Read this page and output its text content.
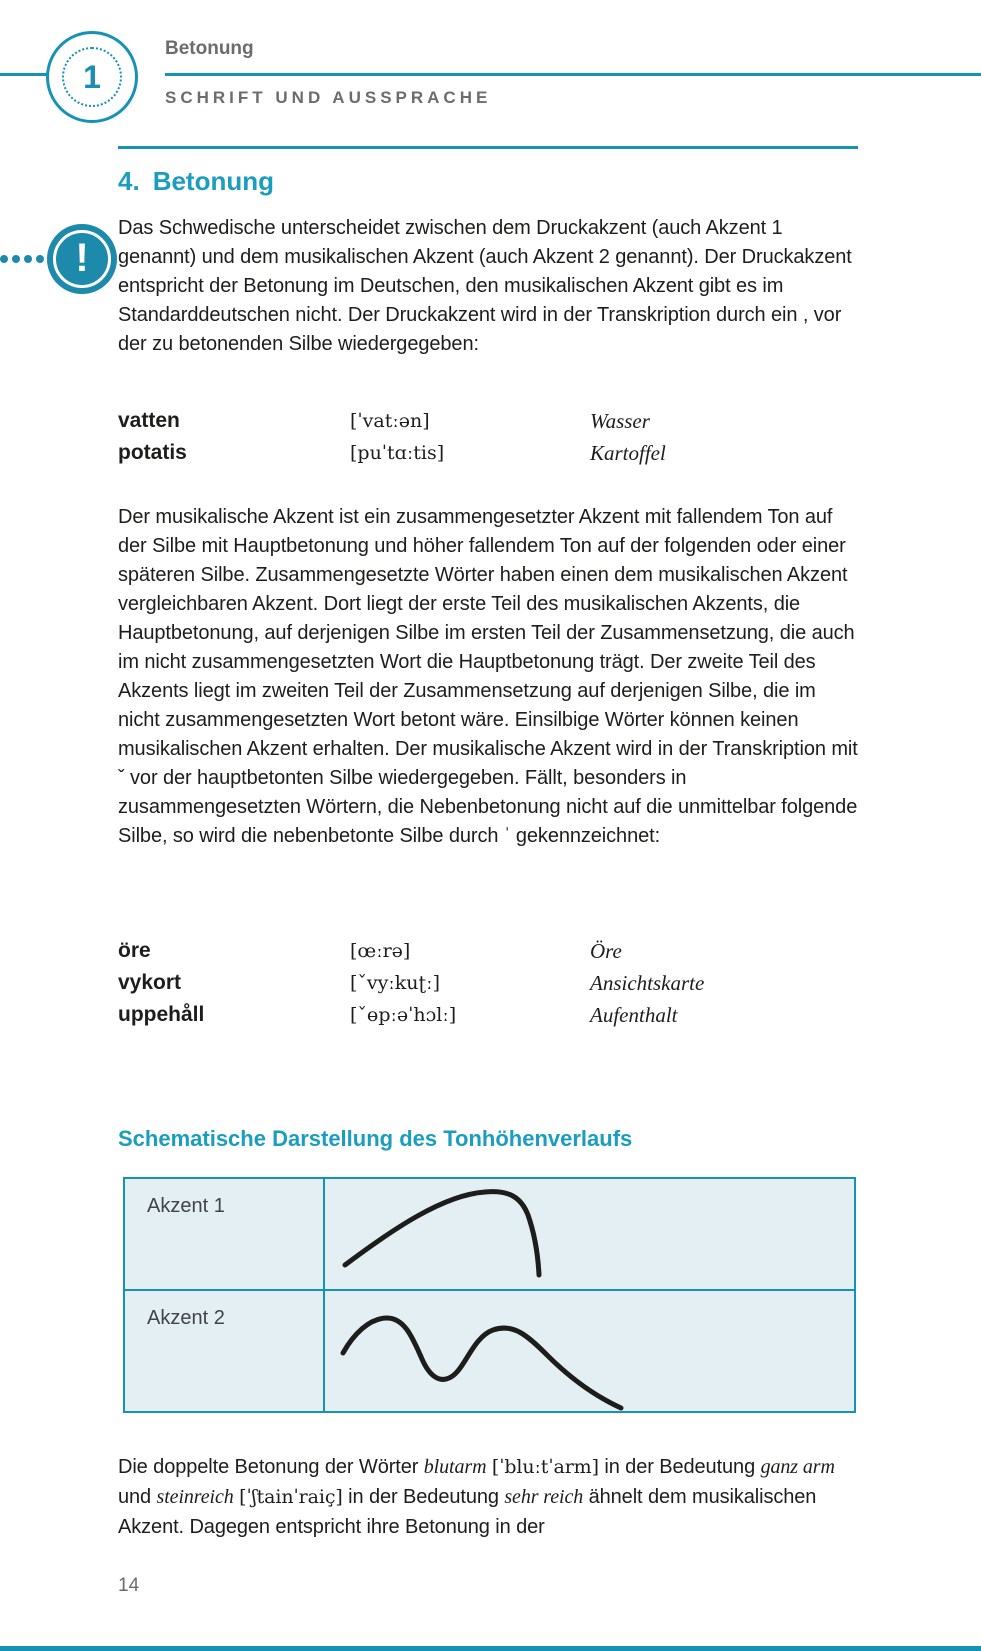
1
Betonung
SCHRIFT UND AUSSPRACHE
!
4. Betonung

Das Schwedische unterscheidet zwischen dem Druckakzent (auch Akzent 1 genannt) und dem musikalischen Akzent (auch Akzent 2 genannt). Der Druckakzent entspricht der Betonung im Deutschen, den musikalischen Akzent gibt es im Standarddeutschen nicht. Der Druckakzent wird in der Transkription durch ein , vor der zu betonenden Silbe wiedergegeben:

vatten	[ˈvatːən]	Wasser
potatis	[puˈtɑːtis]	Kartoffel

Der musikalische Akzent ist ein zusammengesetzter Akzent mit fallendem Ton auf der Silbe mit Hauptbetonung und höher fallendem Ton auf der folgenden oder einer späteren Silbe. Zusammengesetzte Wörter haben einen dem musikalischen Akzent vergleichbaren Akzent. Dort liegt der erste Teil des musikalischen Akzents, die Hauptbetonung, auf derjenigen Silbe im ersten Teil der Zusammensetzung, die auch im nicht zusammengesetzten Wort die Hauptbetonung trägt. Der zweite Teil des Akzents liegt im zweiten Teil der Zusammensetzung auf derjenigen Silbe, die im nicht zusammengesetzten Wort betont wäre. Einsilbige Wörter können keinen musikalischen Akzent erhalten. Der musikalische Akzent wird in der Transkription mit ˇ vor der hauptbetonten Silbe wiedergegeben. Fällt, besonders in zusammengesetzten Wörtern, die Nebenbetonung nicht auf die unmittelbar folgende Silbe, so wird die nebenbetonte Silbe durch ˈ gekennzeichnet:

öre	[œːrə]	Öre
vykort	[ˇvyːkuʈː]	Ansichtskarte
uppehåll	[ˇɵpːəˈhɔlː]	Aufenthalt
Schematische Darstellung des Tonhöhenverlaufs
Akzent 1
Akzent 2

Die doppelte Betonung der Wörter blutarm [ˈbluːtˈarm] in der Bedeutung ganz arm und steinreich [ˈʃtainˈraiç] in der Bedeutung sehr reich ähnelt dem musikalischen Akzent. Dagegen entspricht ihre Betonung in der

14
